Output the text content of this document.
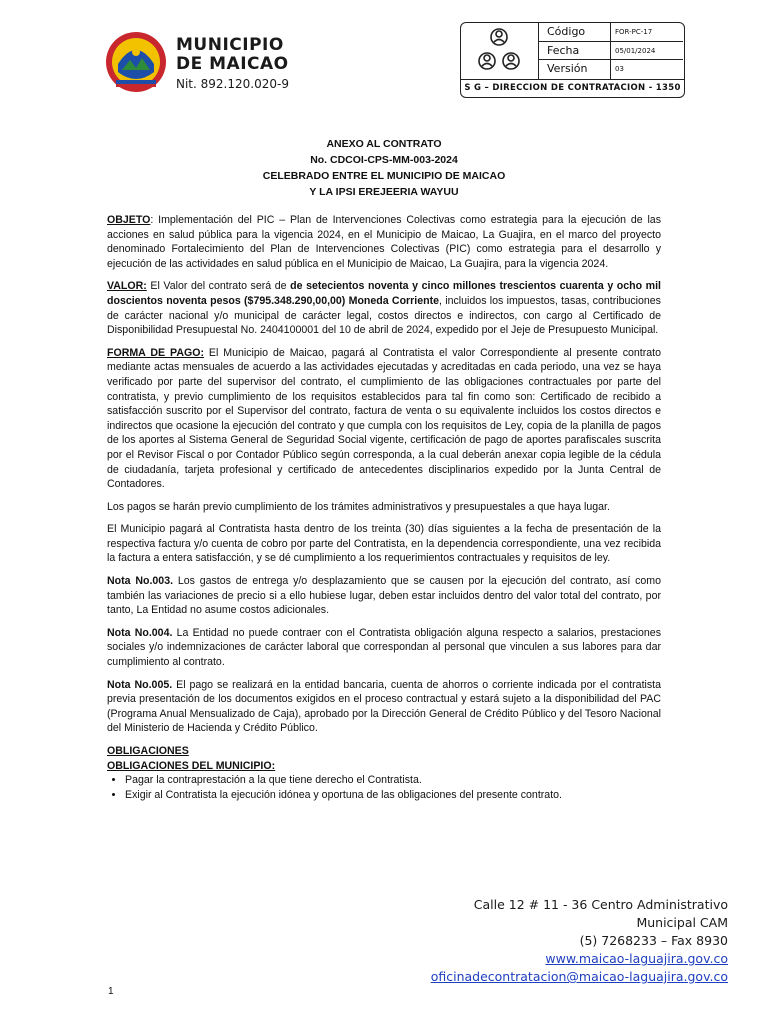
MUNICIPIO
DE MAICAO
Nit. 892.120.020-9
Código	FOR-PC-17
Fecha	05/01/2024
Versión	03
S G – DIRECCION DE CONTRATACION - 1350
ANEXO AL CONTRATO
No. CDCOI-CPS-MM-003-2024
CELEBRADO ENTRE EL MUNICIPIO DE MAICAO
Y LA IPSI EREJEERIA WAYUU

OBJETO: Implementación del PIC – Plan de Intervenciones Colectivas como estrategia para la ejecución de las acciones en salud pública para la vigencia 2024, en el Municipio de Maicao, La Guajira, en el marco del proyecto denominado Fortalecimiento del Plan de Intervenciones Colectivas (PIC) como estrategia para el desarrollo y ejecución de las actividades en salud pública en el Municipio de Maicao, La Guajira, para la vigencia 2024.

VALOR: El Valor del contrato será de de setecientos noventa y cinco millones trescientos cuarenta y ocho mil doscientos noventa pesos ($795.348.290,00,00) Moneda Corriente, incluidos los impuestos, tasas, contribuciones de carácter nacional y/o municipal de carácter legal, costos directos e indirectos, con cargo al Certificado de Disponibilidad Presupuestal No. 2404100001 del 10 de abril de 2024, expedido por el Jeje de Presupuesto Municipal.

FORMA DE PAGO: El Municipio de Maicao, pagará al Contratista el valor Correspondiente al presente contrato mediante actas mensuales de acuerdo a las actividades ejecutadas y acreditadas en cada periodo, una vez se haya verificado por parte del supervisor del contrato, el cumplimiento de las obligaciones contractuales por parte del contratista, y previo cumplimiento de los requisitos establecidos para tal fin como son: Certificado de recibido a satisfacción suscrito por el Supervisor del contrato, factura de venta o su equivalente incluidos los costos directos e indirectos que ocasione la ejecución del contrato y que cumpla con los requisitos de Ley, copia de la planilla de pagos de los aportes al Sistema General de Seguridad Social vigente, certificación de pago de aportes parafiscales suscrita por el Revisor Fiscal o por Contador Público según corresponda, a la cual deberán anexar copia legible de la cédula de ciudadanía, tarjeta profesional y certificado de antecedentes disciplinarios expedido por la Junta Central de Contadores.

Los pagos se harán previo cumplimiento de los trámites administrativos y presupuestales a que haya lugar.

El Municipio pagará al Contratista hasta dentro de los treinta (30) días siguientes a la fecha de presentación de la respectiva factura y/o cuenta de cobro por parte del Contratista, en la dependencia correspondiente, una vez recibida la factura a entera satisfacción, y se dé cumplimiento a los requerimientos contractuales y requisitos de ley.

Nota No.003. Los gastos de entrega y/o desplazamiento que se causen por la ejecución del contrato, así como también las variaciones de precio si a ello hubiese lugar, deben estar incluidos dentro del valor total del contrato, por tanto, La Entidad no asume costos adicionales.

Nota No.004. La Entidad no puede contraer con el Contratista obligación alguna respecto a salarios, prestaciones sociales y/o indemnizaciones de carácter laboral que correspondan al personal que vinculen a sus labores para dar cumplimiento al contrato.

Nota No.005. El pago se realizará en la entidad bancaria, cuenta de ahorros o corriente indicada por el contratista previa presentación de los documentos exigidos en el proceso contractual y estará sujeto a la disponibilidad del PAC (Programa Anual Mensualizado de Caja), aprobado por la Dirección General de Crédito Público y del Tesoro Nacional del Ministerio de Hacienda y Crédito Público.

OBLIGACIONES
OBLIGACIONES DEL MUNICIPIO:
• Pagar la contraprestación a la que tiene derecho el Contratista.
• Exigir al Contratista la ejecución idónea y oportuna de las obligaciones del presente contrato.
Calle 12 # 11 - 36 Centro Administrativo
Municipal CAM
(5) 7268233 – Fax 8930
www.maicao-laguajira.gov.co
oficinadecontratacion@maicao-laguajira.gov.co
1
